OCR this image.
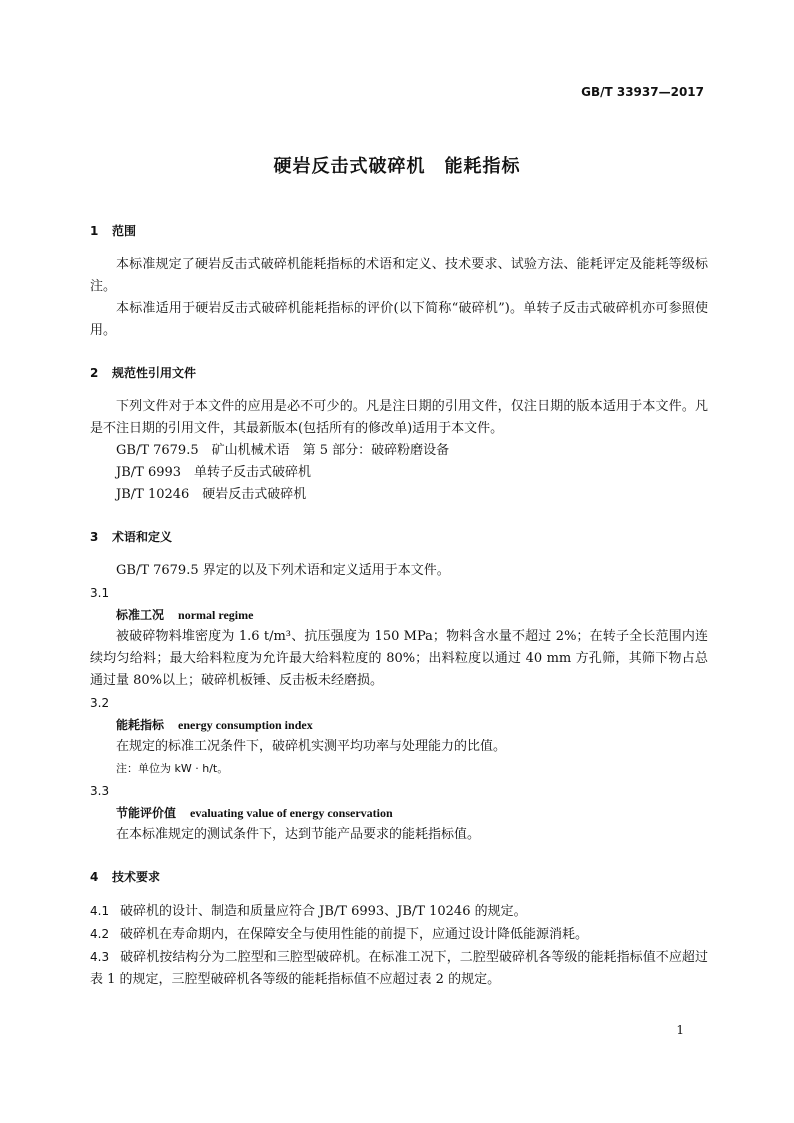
GB/T 33937—2017
硬岩反击式破碎机　能耗指标

1 范围

本标准规定了硬岩反击式破碎机能耗指标的术语和定义、技术要求、试验方法、能耗评定及能耗等级标注。

本标准适用于硬岩反击式破碎机能耗指标的评价(以下简称“破碎机”)。单转子反击式破碎机亦可参照使用。

2 规范性引用文件

下列文件对于本文件的应用是必不可少的。凡是注日期的引用文件，仅注日期的版本适用于本文件。凡是不注日期的引用文件，其最新版本(包括所有的修改单)适用于本文件。

GB/T 7679.5　矿山机械术语　第 5 部分：破碎粉磨设备

JB/T 6993　单转子反击式破碎机

JB/T 10246　硬岩反击式破碎机

3 术语和定义

GB/T 7679.5 界定的以及下列术语和定义适用于本文件。

3.1

标准工况 normal regime

被破碎物料堆密度为 1.6 t/m³、抗压强度为 150 MPa；物料含水量不超过 2%；在转子全长范围内连续均匀给料；最大给料粒度为允许最大给料粒度的 80%；出料粒度以通过 40 mm 方孔筛，其筛下物占总通过量 80%以上；破碎机板锤、反击板未经磨损。

3.2

能耗指标 energy consumption index

在规定的标准工况条件下，破碎机实测平均功率与处理能力的比值。

注：单位为 kW · h/t。

3.3

节能评价值 evaluating value of energy conservation

在本标准规定的测试条件下，达到节能产品要求的能耗指标值。

4 技术要求

4.1 破碎机的设计、制造和质量应符合 JB/T 6993、JB/T 10246 的规定。

4.2 破碎机在寿命期内，在保障安全与使用性能的前提下，应通过设计降低能源消耗。

4.3 破碎机按结构分为二腔型和三腔型破碎机。在标准工况下，二腔型破碎机各等级的能耗指标值不应超过表 1 的规定，三腔型破碎机各等级的能耗指标值不应超过表 2 的规定。

1
